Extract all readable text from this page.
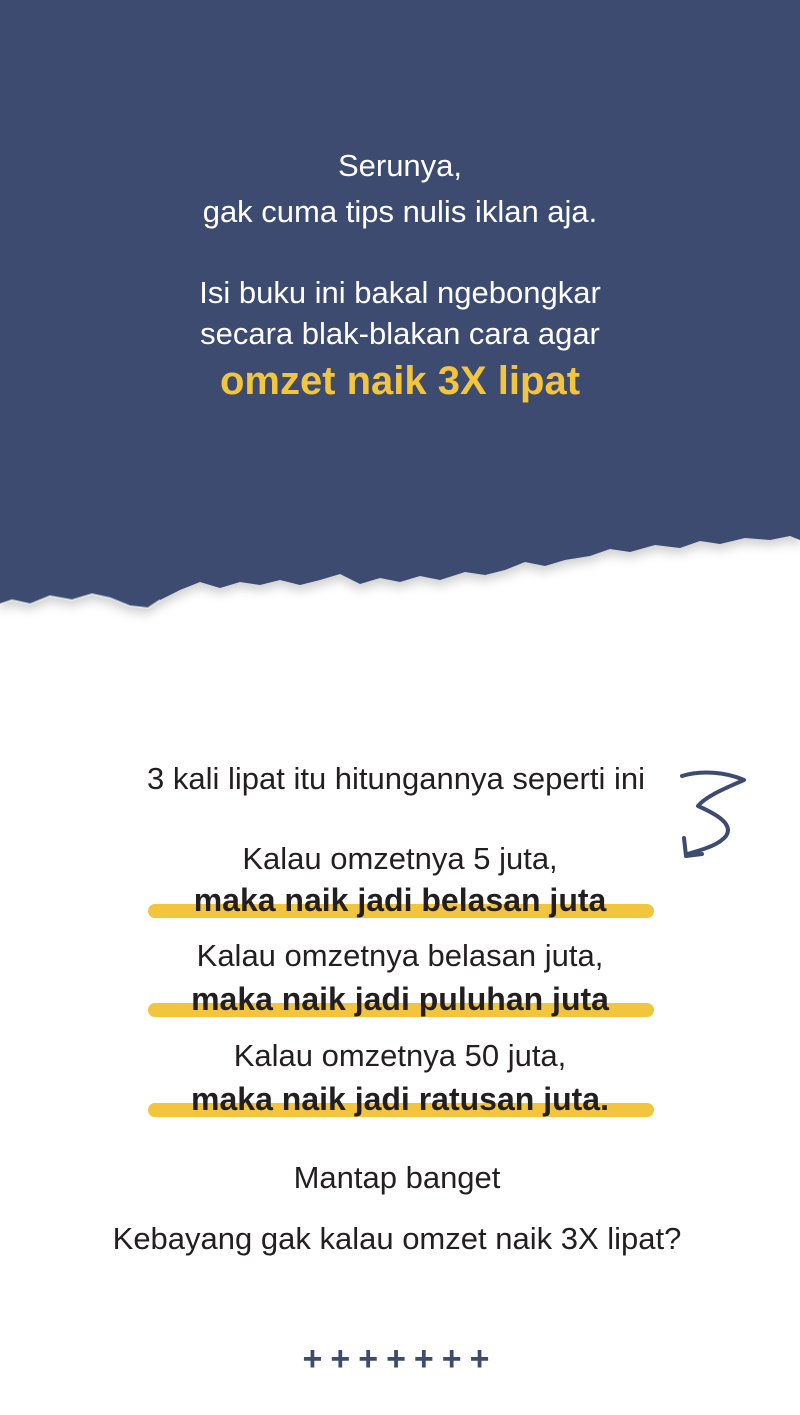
Serunya,
gak cuma tips nulis iklan aja.
Isi buku ini bakal ngebongkar
secara blak-blakan cara agar
omzet naik 3X lipat
3 kali lipat itu hitungannya seperti ini
Kalau omzetnya 5 juta,
maka naik jadi belasan juta
Kalau omzetnya belasan juta,
maka naik jadi puluhan juta
Kalau omzetnya 50 juta,
maka naik jadi ratusan juta.
Mantap banget
Kebayang gak kalau omzet naik 3X lipat?
+++++++
